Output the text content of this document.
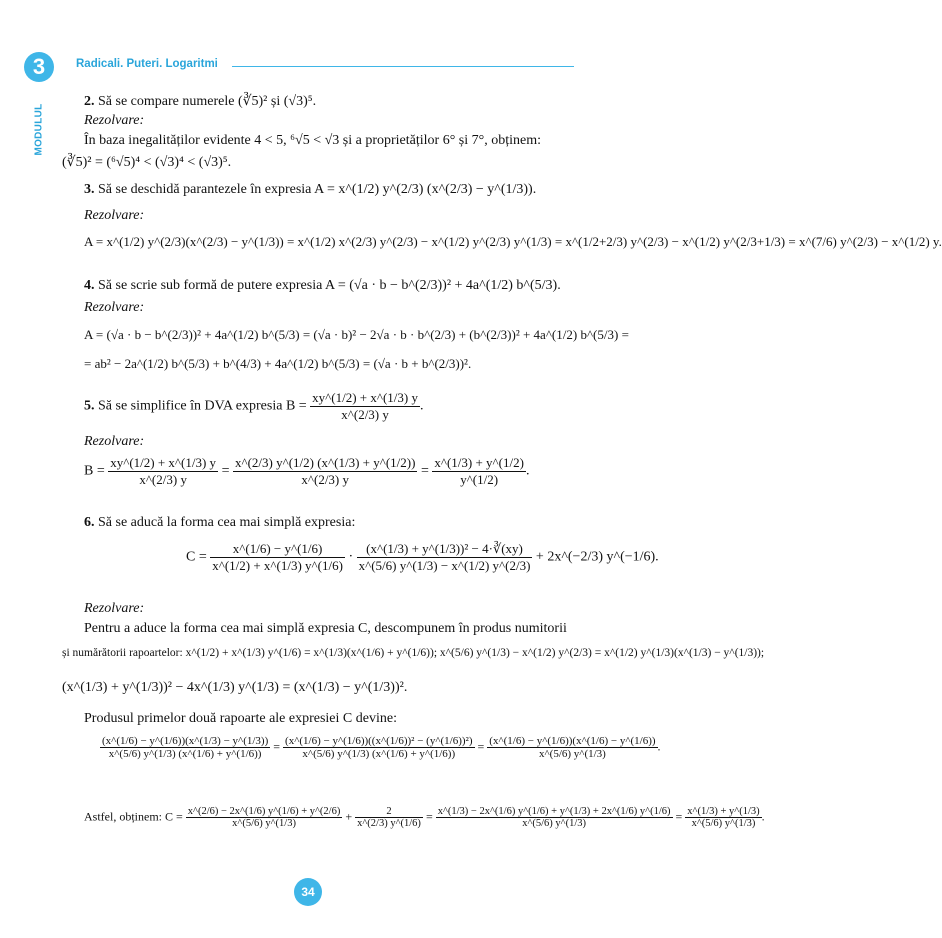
3	Radicali. Puteri. Logaritmi
MODULUL
2. Să se compare numerele (∛5)² și (√3)⁵.
Rezolvare:
În baza inegalităților evidente 4 < 5, ⁶√5 < √3 și a proprietăților 6° și 7°, obținem:
(∛5)² = (⁶√5)⁴ < (√3)⁴ < (√3)⁵.
3. Să se deschidă parantezele în expresia A = x^(1/2) y^(2/3) (x^(2/3) − y^(1/3)).
Rezolvare:
A = x^(1/2) y^(2/3)(x^(2/3) − y^(1/3)) = x^(1/2) x^(2/3) y^(2/3) − x^(1/2) y^(2/3) y^(1/3) = x^(1/2+2/3) y^(2/3) − x^(1/2) y^(2/3+1/3) = x^(7/6) y^(2/3) − x^(1/2) y.
4. Să se scrie sub formă de putere expresia A = (√a · b − b^(2/3))² + 4a^(1/2) b^(5/3).
Rezolvare:
A = (√a · b − b^(2/3))² + 4a^(1/2) b^(5/3) = (√a · b)² − 2√a · b · b^(2/3) + (b^(2/3))² + 4a^(1/2) b^(5/3) =
= ab² − 2a^(1/2) b^(5/3) + b^(4/3) + 4a^(1/2) b^(5/3) = (√a · b + b^(2/3))².
5. Să se simplifice în DVA expresia $B = \frac{xy\^{}(1/2) + x\^{}(1/3) y}{x\^{}(2/3) y}$ .
Rezolvare:
$B = \frac{xy\^{}(1/2) + x\^{}(1/3) y}{x\^{}(2/3) y} = \frac{x\^{}(2/3) y\^{}(1/2) (x\^{}(1/3) + y\^{}(1/2))}{x\^{}(2/3) y} = \frac{x\^{}(1/3) + y\^{}(1/2)}{y\^{}(1/2)}$ .
6. Să se aducă la forma cea mai simplă expresia:
$C = \frac{x\^{}(1/6) - y\^{}(1/6)}{x\^{}(1/2) + x\^{}(1/3) y\^{}(1/6)} \cdot \frac{\text{(x\textasciicircum{}(1/3) + y\textasciicircum{}(1/3))² − 4·∛(xy)}}{x\^{}(5/6) y\^{}(1/3) - x\^{}(1/2) y\^{}(2/3)}$ + 2x^(−2/3) y^(−1/6).
Rezolvare:
Pentru a aduce la forma cea mai simplă expresia C, descompunem în produs numitorii
și numărătorii rapoartelor: x^(1/2) + x^(1/3) y^(1/6) = x^(1/3)(x^(1/6) + y^(1/6)); x^(5/6) y^(1/3) − x^(1/2) y^(2/3) = x^(1/2) y^(1/3)(x^(1/3) − y^(1/3));
(x^(1/3) + y^(1/3))² − 4x^(1/3) y^(1/3) = (x^(1/3) − y^(1/3))².
Produsul primelor două rapoarte ale expresiei C devine:
$\frac{(x\^{}(1/6) - y\^{}(1/6))(x\^{}(1/3) - y\^{}(1/3))}{x\^{}(5/6) y\^{}(1/3) (x\^{}(1/6) + y\^{}(1/6))} = \frac{\text{(x\textasciicircum{}(1/6) − y\textasciicircum{}(1/6))((x\textasciicircum{}(1/6))² − (y\textasciicircum{}(1/6))²)}}{x\^{}(5/6) y\^{}(1/3) (x\^{}(1/6) + y\^{}(1/6))} = \frac{(x\^{}(1/6) - y\^{}(1/6))(x\^{}(1/6) - y\^{}(1/6))}{x\^{}(5/6) y\^{}(1/3)}$ .
Astfel, obținem: $C = \frac{x\^{}(2/6) - 2x\^{}(1/6) y\^{}(1/6) + y\^{}(2/6)}{x\^{}(5/6) y\^{}(1/3)} + \frac{2}{x\^{}(2/3) y\^{}(1/6)} = \frac{x\^{}(1/3) - 2x\^{}(1/6) y\^{}(1/6) + y\^{}(1/3) + 2x\^{}(1/6) y\^{}(1/6)}{x\^{}(5/6) y\^{}(1/3)} = \frac{x\^{}(1/3) + y\^{}(1/3)}{x\^{}(5/6) y\^{}(1/3)}$ .
34
